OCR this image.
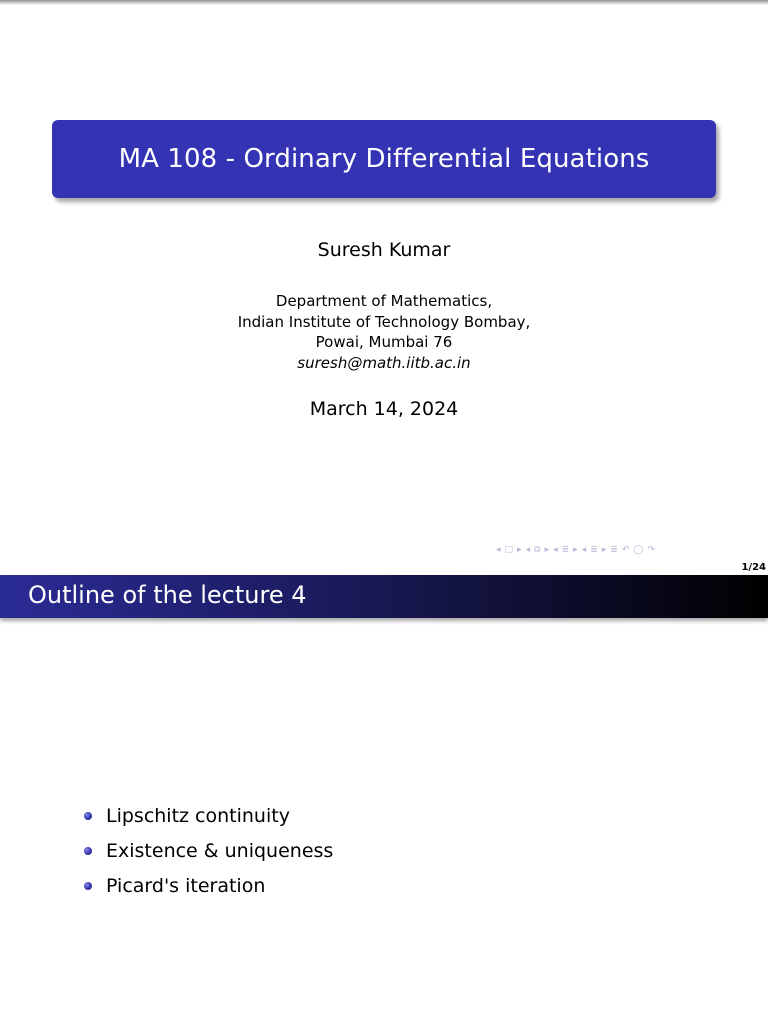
MA 108 - Ordinary Differential Equations
Suresh Kumar
Department of Mathematics,
Indian Institute of Technology Bombay,
Powai, Mumbai 76
suresh@math.iitb.ac.in
March 14, 2024
◂ □ ▸ ◂ ⧉ ▸ ◂ ≣ ▸ ◂ ≣ ▸ ≣ ↶ ◯ ↷
1/24
Outline of the lecture 4
Lipschitz continuity
Existence & uniqueness
Picard's iteration
